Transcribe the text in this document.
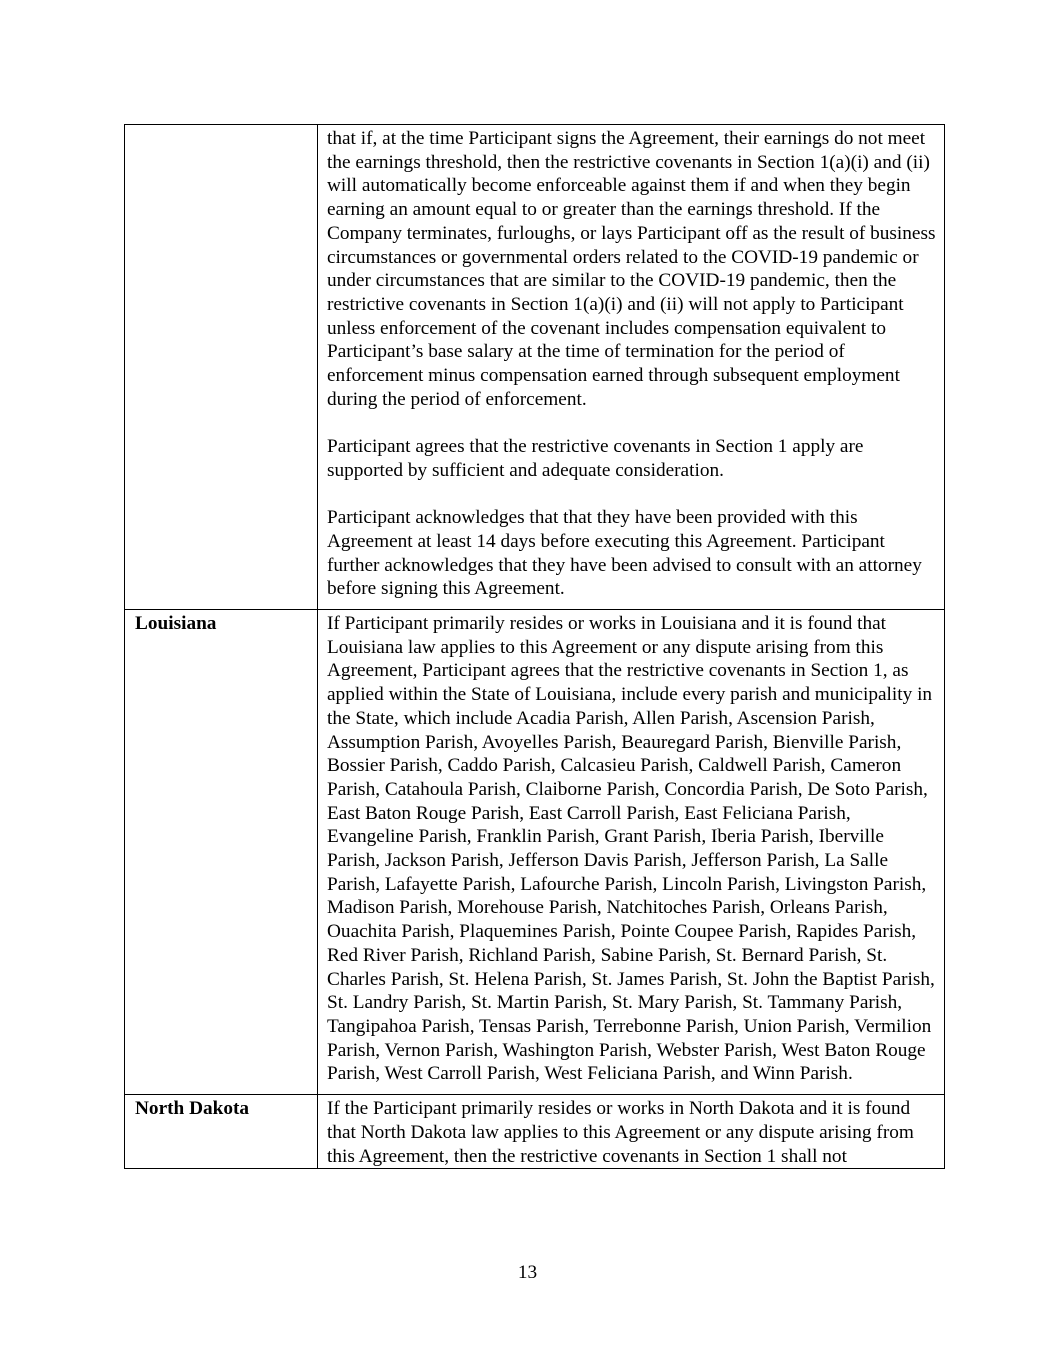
	that if, at the time Participant signs the Agreement, their earnings do not meet the earnings threshold, then the restrictive covenants in Section 1(a)(i) and (ii) will automatically become enforceable against them if and when they begin earning an amount equal to or greater than the earnings threshold. If the Company terminates, furloughs, or lays Participant off as the result of business circumstances or governmental orders related to the COVID-19 pandemic or under circumstances that are similar to the COVID-19 pandemic, then the restrictive covenants in Section 1(a)(i) and (ii) will not apply to Participant unless enforcement of the covenant includes compensation equivalent to Participant’s base salary at the time of termination for the period of enforcement minus compensation earned through subsequent employment during the period of enforcement.

Participant agrees that the restrictive covenants in Section 1 apply are supported by sufficient and adequate consideration.

Participant acknowledges that that they have been provided with this Agreement at least 14 days before executing this Agreement. Participant further acknowledges that they have been advised to consult with an attorney before signing this Agreement.

Louisiana	If Participant primarily resides or works in Louisiana and it is found that Louisiana law applies to this Agreement or any dispute arising from this Agreement, Participant agrees that the restrictive covenants in Section 1, as applied within the State of Louisiana, include every parish and municipality in the State, which include Acadia Parish, Allen Parish, Ascension Parish, Assumption Parish, Avoyelles Parish, Beauregard Parish, Bienville Parish, Bossier Parish, Caddo Parish, Calcasieu Parish, Caldwell Parish, Cameron Parish, Catahoula Parish, Claiborne Parish, Concordia Parish, De Soto Parish, East Baton Rouge Parish, East Carroll Parish, East Feliciana Parish, Evangeline Parish, Franklin Parish, Grant Parish, Iberia Parish, Iberville Parish, Jackson Parish, Jefferson Davis Parish, Jefferson Parish, La Salle Parish, Lafayette Parish, Lafourche Parish, Lincoln Parish, Livingston Parish, Madison Parish, Morehouse Parish, Natchitoches Parish, Orleans Parish, Ouachita Parish, Plaquemines Parish, Pointe Coupee Parish, Rapides Parish, Red River Parish, Richland Parish, Sabine Parish, St. Bernard Parish, St. Charles Parish, St. Helena Parish, St. James Parish, St. John the Baptist Parish, St. Landry Parish, St. Martin Parish, St. Mary Parish, St. Tammany Parish, Tangipahoa Parish, Tensas Parish, Terrebonne Parish, Union Parish, Vermilion Parish, Vernon Parish, Washington Parish, Webster Parish, West Baton Rouge Parish, West Carroll Parish, West Feliciana Parish, and Winn Parish.

North Dakota	If the Participant primarily resides or works in North Dakota and it is found that North Dakota law applies to this Agreement or any dispute arising from this Agreement, then the restrictive covenants in Section 1 shall not

13
